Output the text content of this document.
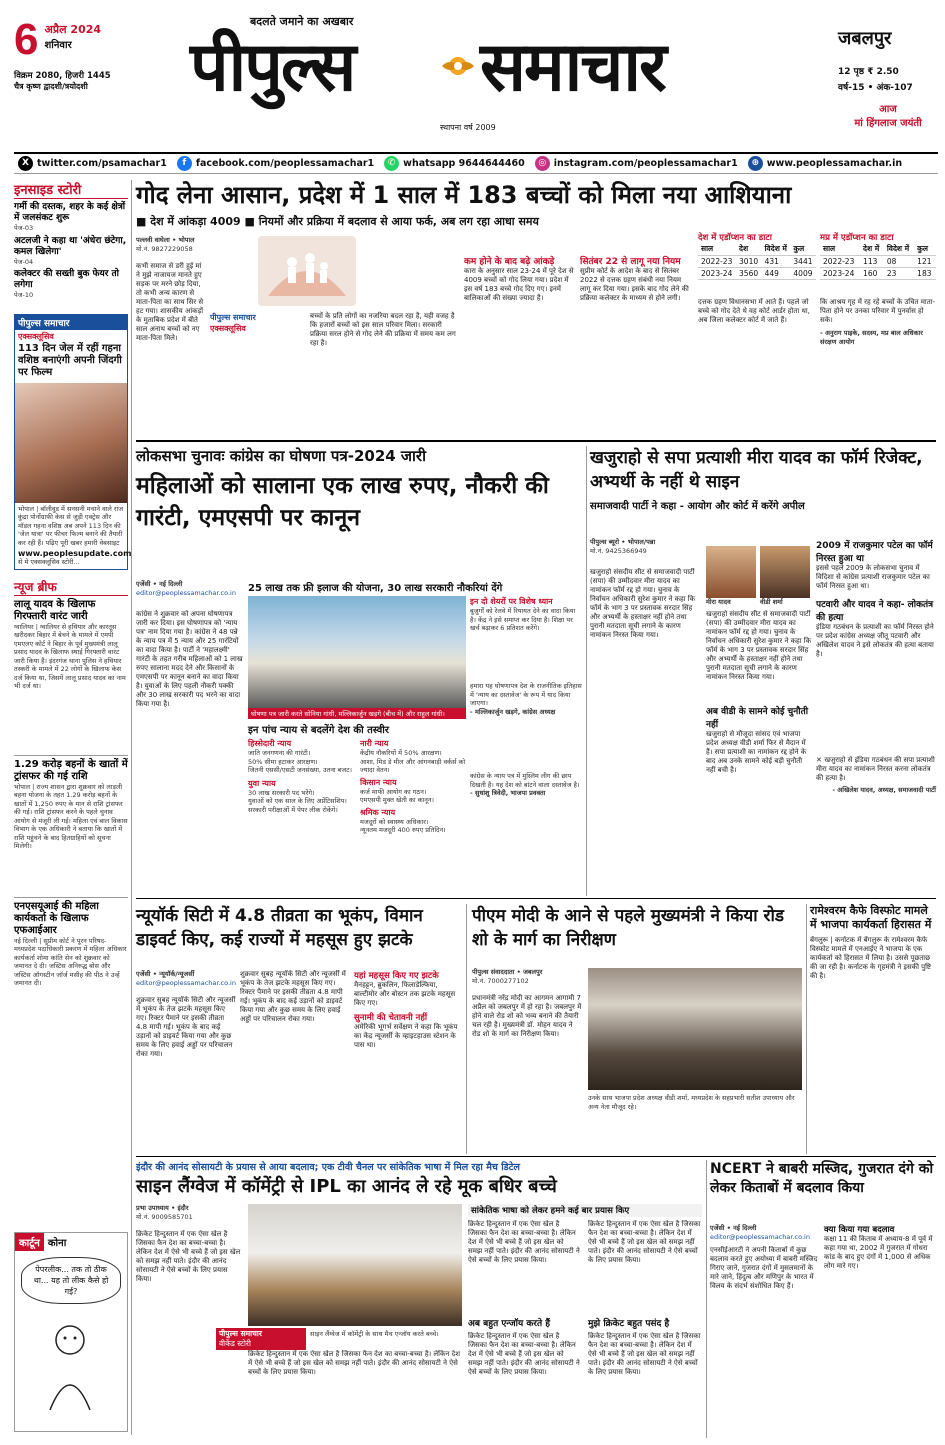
6 अप्रैल 2024
शनिवार
विक्रम 2080, हिजरी 1445
चैत्र कृष्ण द्वादशी/त्रयोदशी
बदलते जमाने का अखबार
पीपुल्स समाचार
स्थापना वर्ष 2009
जबलपुर
12 पृष्ठ ₹ 2.50
वर्ष-15 • अंक-107
आज
मां हिंगलाज जयंती
X twitter.com/psamachar1	f	facebook.com/peoplessamachar1	✆ whatsapp 9644644460	◎ instagram.com/peoplessamachar1	⊕ www.peoplessamachar.in
इनसाइड स्टोरी
गर्मी की दस्तक, शहर के कई क्षेत्रों में जलसंकट शुरू
पेज-03
अटलजी ने कहा था 'अंधेरा छंटेगा, कमल खिलेगा'
पेज-04
कलेक्टर की सख्ती बुक फेयर तो लगेगा
पेज-10
पीपुल्स समाचार
एक्सक्लूसिव
113 दिन जेल में रहीं गहना वशिष्ठ बनाएंगी अपनी जिंदगी पर फिल्म
भोपाल | बॉलीवुड में सनसनी मचाने वाले राज कुंद्रा पोर्नोग्राफी केस से जुड़ी एक्ट्रेस और मॉडल गहना वशिष्ठ अब अपने 113 दिन की 'जेल यात्रा' पर फीचर फिल्म बनाने की तैयारी कर रही हैं। पढ़िए पूरी खबर हमारी वेबसाइट
www.peoplesupdate.com
से मे एक्सक्लूसिव स्टोरी...
न्यूज ब्रीफ
लालू यादव के खिलाफ गिरफ्तारी वारंट जारी
ग्वालियर | ग्वालियर से हथियार और कारतूस खरीदकर बिहार में बेचने के मामले में एमपी एमएलए कोर्ट ने बिहार के पूर्व मुख्यमंत्री लालू प्रसाद यादव के खिलाफ स्थाई गिरफ्तारी वारंट जारी किया है। इंदरगंज थाना पुलिस ने हथियार तस्करी के मामले में 22 लोगों के खिलाफ केस दर्ज किया था, जिसमें लालू प्रसाद यादव का नाम भी दर्ज था।
1.29 करोड़ बहनों के खातों में ट्रांसफर की गई राशि
भोपाल | राज्य शासन द्वारा शुक्रवार को लाड़ली बहना योजना के तहत 1.29 करोड़ बहनों के खातों में 1,250 रुपए के मान से राशि ट्रांसफर की गई। राशि ट्रांसफर करने के पहले चुनाव आयोग से मंजूरी ली गई। महिला एवं बाल विकास विभाग के एक अधिकारी ने बताया कि खातों में राशि पहुंचने के बाद हितग्राहियों को सूचना मिलेगी।
एनएसयूआई की महिला कार्यकर्ता के खिलाफ एफआईआर
नई दिल्ली | सुप्रीम कोर्ट ने पूरन परिषद-मध्यप्रदेश पदाधिकारी प्रकरण में महिला अधिकार कार्यकर्ता शोमा कांति सेन को शुक्रवार को जमानत दे दी। जस्टिस अनिरुद्ध बोस और जस्टिस ऑगस्टीन जॉर्ज मसीह की पीठ ने उन्हें जमानत दी।
कार्टून कोना
पेपरलीक... तक तो ठीक था... यह तो लीक कैसे हो गई?
गोद लेना आसान, प्रदेश में 1 साल में 183 बच्चों को मिला नया आशियाना
■ देश में आंकड़ा 4009 ■ नियमों और प्रक्रिया में बदलाव से आया फर्क, अब लग रहा आधा समय
पल्लवी वाघेला • भोपाल
मो.नं. 9827229058
कभी समाज से डरी हुई मां ने मुझे नाजायज मानते हुए सड़क पर मरने छोड़ दिया, तो कभी अन्य कारण से माता-पिता का साथ सिर से हट गया। शासकीय आंकड़ों के मुताबिक प्रदेश में बीते साल अनाथ बच्चों को नए माता-पिता मिले।
पीपुल्स समाचार
एक्सक्लूसिव
बच्चों के प्रति लोगों का नजरिया बदल रहा है, यही वजह है कि हजारों बच्चों को इस साल परिवार मिला। सरकारी प्रक्रिया सरल होने से गोद लेने की प्रक्रिया में समय कम लग रहा है।
कम होने के बाद बढ़े आंकड़े
कारा के अनुसार साल 23-24 में पूरे देश से 4009 बच्चों को गोद लिया गया। प्रदेश में इस वर्ष 183 बच्चे गोद दिए गए। इनमें बालिकाओं की संख्या ज्यादा है।
सितंबर 22 से लागू नया नियम
सुप्रीम कोर्ट के आदेश के बाद से सितंबर 2022 से दत्तक ग्रहण संबंधी नया नियम लागू कर दिया गया। इसके बाद गोद लेने की प्रक्रिया कलेक्टर के माध्यम से होने लगी।
देश में एडॉप्शन का डाटा
साल	देश	विदेश में	कुल
2022-23	3010	431	3441
2023-24	3560	449	4009
मप्र में एडॉप्शन का डाटा
साल	देश में	विदेश में	कुल
2022-23	113	08	121
2023-24	160	23	183
दत्तक ग्रहण विधानसभा में आते हैं। पहले जो बच्चे को गोद देते थे वह कोर्ट आर्डर होता था, अब जिला कलेक्टर कोर्ट में जाते हैं।
कि आश्रय गृह में रह रहे बच्चों के उचित माता-पिता होने पर उनका परिवार में पुनर्वास हो सके।
- अनुराग पाइके, सदस्य, मप्र बाल अधिकार संरक्षण आयोग
लोकसभा चुनावः कांग्रेस का घोषणा पत्र-2024 जारी
महिलाओं को सालाना एक लाख रुपए, नौकरी की गारंटी, एमएसपी पर कानून
एजेंसी • नई दिल्ली
editor@peoplessamachar.co.in	25 लाख तक फ्री इलाज की योजना, 30 लाख सरकारी नौकरियां देंगे
कांग्रेस ने शुक्रवार को अपना घोषणापत्र जारी कर दिया। इस घोषणापत्र को 'न्याय पत्र' नाम दिया गया है। कांग्रेस ने 48 पन्ने के न्याय पत्र में 5 न्याय और 25 गारंटियों का वादा किया है। पार्टी ने 'महालक्ष्मी' गारंटी के तहत गरीब महिलाओं को 1 लाख रुपए सालाना मदद देने और किसानों के एमएसपी पर कानून बनाने का वादा किया है। युवाओं के लिए पहली नौकरी पक्की और 30 लाख सरकारी पद भरने का वादा किया गया है।
घोषणा पत्र जारी करते सोनिया गांधी, मल्लिकार्जुन खड़गे (बीच में) और राहुल गांधी।
इन दो शेयरों पर विशेष ध्यान
बुजुर्गों को रेलवे में रियायत देने का वादा किया है। केंद्र ने इसे समाप्त कर दिया है। शिक्षा पर खर्च बढ़ाकर 6 प्रतिशत करेंगे।
इन पांच न्याय से बदलेंगे देश की तस्वीर
हिस्सेदारी न्याय
जाति जनगणना की गारंटी।
50% सीमा हटाकर आरक्षण।
जितनी एससी/एसटी जनसंख्या, उतना बजट।
युवा न्याय
30 लाख सरकारी पद भरेंगे।
युवाओं को एक साल के लिए अप्रेंटिसशिप।
सरकारी परीक्षाओं में पेपर लीक रोकेंगे।
नारी न्याय
केंद्रीय नौकरियों में 50% आरक्षण।
आशा, मिड डे मील और आंगनबाड़ी वर्कर्स को ज्यादा वेतन।
किसान न्याय
कर्ज माफी आयोग का गठन।
एमएसपी मुक्त खेती का कानून।
श्रमिक न्याय
मजदूरों को स्वास्थ्य अधिकार।
न्यूनतम मजदूरी 400 रुपए प्रतिदिन।
हमारा यह घोषणापत्र देश के राजनीतिक इतिहास में 'न्याय का दस्तावेज' के रूप में याद किया जाएगा।
- मल्लिकार्जुन खड़गे, कांग्रेस अध्यक्ष
कांग्रेस के न्याय पत्र में मुस्लिम लीग की छाप दिखती है। यह देश को बांटने वाला दस्तावेज है।
- सुधांशु त्रिवेदी, भाजपा प्रवक्ता
खजुराहो से सपा प्रत्याशी मीरा यादव का फॉर्म रिजेक्ट, अभ्यर्थी के नहीं थे साइन
समाजवादी पार्टी ने कहा - आयोग और कोर्ट में करेंगे अपील
पीपुल्स ब्यूरो • भोपाल/पन्ना
मो.नं. 9425366949
खजुराहो संसदीय सीट से समाजवादी पार्टी (सपा) की उम्मीदवार मीरा यादव का नामांकन फॉर्म रद्द हो गया। चुनाव के निर्वाचन अधिकारी सुरेश कुमार ने कहा कि फॉर्म के भाग 3 पर प्रस्तावक सरदार सिंह और अभ्यर्थी के हस्ताक्षर नहीं होने तथा पुरानी मतदाता सूची लगाने के कारण नामांकन निरस्त किया गया।
मीरा यादव	वीडी शर्मा
खजुराहो संसदीय सीट से समाजवादी पार्टी (सपा) की उम्मीदवार मीरा यादव का नामांकन फॉर्म रद्द हो गया। चुनाव के निर्वाचन अधिकारी सुरेश कुमार ने कहा कि फॉर्म के भाग 3 पर प्रस्तावक सरदार सिंह और अभ्यर्थी के हस्ताक्षर नहीं होने तथा पुरानी मतदाता सूची लगाने के कारण नामांकन निरस्त किया गया।
अब वीडी के सामने कोई चुनौती नहीं
खजुराहो से मौजूदा सांसद एवं भाजपा प्रदेश अध्यक्ष वीडी शर्मा फिर से मैदान में हैं। सपा प्रत्याशी का नामांकन रद्द होने के बाद अब उनके सामने कोई बड़ी चुनौती नहीं बची है।
2009 में राजकुमार पटेल का फॉर्म निरस्त हुआ था
इससे पहले 2009 के लोकसभा चुनाव में विदिशा से कांग्रेस प्रत्याशी राजकुमार पटेल का फॉर्म निरस्त हुआ था।
पटवारी और यादव ने कहा- लोकतंत्र की हत्या
इंडिया गठबंधन के प्रत्याशी का फॉर्म निरस्त होने पर प्रदेश कांग्रेस अध्यक्ष जीतू पटवारी और अखिलेश यादव ने इसे लोकतंत्र की हत्या बताया है।
✕ खजुराहो से इंडिया गठबंधन की सपा प्रत्याशी मीरा यादव का नामांकन निरस्त करना लोकतंत्र की हत्या है।
- अखिलेश यादव, अध्यक्ष, समाजवादी पार्टी
न्यूयॉर्क सिटी में 4.8 तीव्रता का भूकंप, विमान डाइवर्ट किए, कई राज्यों में महसूस हुए झटके
एजेंसी • न्यूयॉर्क/न्यूजर्सी
editor@peoplessamachar.co.in
शुक्रवार सुबह न्यूयॉर्क सिटी और न्यूजर्सी में भूकंप के तेज झटके महसूस किए गए। रिक्टर पैमाने पर इसकी तीव्रता 4.8 मापी गई। भूकंप के बाद कई उड़ानों को डाइवर्ट किया गया और कुछ समय के लिए हवाई अड्डों पर परिचालन रोका गया।
शुक्रवार सुबह न्यूयॉर्क सिटी और न्यूजर्सी में भूकंप के तेज झटके महसूस किए गए। रिक्टर पैमाने पर इसकी तीव्रता 4.8 मापी गई। भूकंप के बाद कई उड़ानों को डाइवर्ट किया गया और कुछ समय के लिए हवाई अड्डों पर परिचालन रोका गया।
यहां महसूस किए गए झटके
मैनहट्टन, ब्रुकलिन, फिलाडेल्फिया, बाल्टीमोर और बोस्टन तक झटके महसूस किए गए।
सुनामी की चेतावनी नहीं
अमेरिकी भूगर्भ सर्वेक्षण ने कहा कि भूकंप का केंद्र न्यूजर्सी के व्हाइटहाउस स्टेशन के पास था।
पीएम मोदी के आने से पहले मुख्यमंत्री ने किया रोड शो के मार्ग का निरीक्षण
पीपुल्स संवाददाता • जबलपुर
मो.नं. 7000277102
प्रधानमंत्री नरेंद्र मोदी का आगमन आगामी 7 अप्रैल को जबलपुर में हो रहा है। जबलपुर में होने वाले रोड शो को भव्य बनाने की तैयारी चल रही है। मुख्यमंत्री डॉ. मोहन यादव ने रोड शो के मार्ग का निरीक्षण किया।
उनके साथ भाजपा प्रदेश अध्यक्ष वीडी शर्मा, मध्यप्रदेश के सहप्रभारी सतीश उपाध्याय और अन्य नेता मौजूद रहे।
रामेश्वरम कैफे विस्फोट मामले में भाजपा कार्यकर्ता हिरासत में
बेंगलुरू | कर्नाटक में बेंगलुरू के रामेश्वरम कैफे विस्फोट मामले में एनआईए ने भाजपा के एक कार्यकर्ता को हिरासत में लिया है। उससे पूछताछ की जा रही है। कर्नाटक के गृहमंत्री ने इसकी पुष्टि की है।
इंदौर की आनंद सोसायटी के प्रयास से आया बदलाव; एक टीवी चैनल पर सांकेतिक भाषा में मिल रहा मैच डिटेल
साइन लैंग्वेज में कॉमेंट्री से IPL का आनंद ले रहे मूक बधिर बच्चे
प्रभा उपाध्याय • इंदौर
मो.नं. 9009585701
पीपुल्स समाचार
वीकेंड स्टोरी
साइन लैंग्वेज में कॉमेंट्री के साथ मैच एन्जॉय करते बच्चे।
क्रिकेट हिन्दुस्तान में एक ऐसा खेल है जिसका फैन देश का बच्चा-बच्चा है। लेकिन देश में ऐसे भी बच्चे हैं जो इस खेल को समझ नहीं पाते। इंदौर की आनंद सोसायटी ने ऐसे बच्चों के लिए प्रयास किया।
क्रिकेट हिन्दुस्तान में एक ऐसा खेल है जिसका फैन देश का बच्चा-बच्चा है। लेकिन देश में ऐसे भी बच्चे हैं जो इस खेल को समझ नहीं पाते। इंदौर की आनंद सोसायटी ने ऐसे बच्चों के लिए प्रयास किया।
सांकेतिक भाषा को लेकर हमने कई बार प्रयास किए
क्रिकेट हिन्दुस्तान में एक ऐसा खेल है जिसका फैन देश का बच्चा-बच्चा है। लेकिन देश में ऐसे भी बच्चे हैं जो इस खेल को समझ नहीं पाते। इंदौर की आनंद सोसायटी ने ऐसे बच्चों के लिए प्रयास किया।
क्रिकेट हिन्दुस्तान में एक ऐसा खेल है जिसका फैन देश का बच्चा-बच्चा है। लेकिन देश में ऐसे भी बच्चे हैं जो इस खेल को समझ नहीं पाते। इंदौर की आनंद सोसायटी ने ऐसे बच्चों के लिए प्रयास किया।
अब बहुत एन्जॉय करते हैं	मुझे क्रिकेट बहुत पसंद है
क्रिकेट हिन्दुस्तान में एक ऐसा खेल है जिसका फैन देश का बच्चा-बच्चा है। लेकिन देश में ऐसे भी बच्चे हैं जो इस खेल को समझ नहीं पाते। इंदौर की आनंद सोसायटी ने ऐसे बच्चों के लिए प्रयास किया।
क्रिकेट हिन्दुस्तान में एक ऐसा खेल है जिसका फैन देश का बच्चा-बच्चा है। लेकिन देश में ऐसे भी बच्चे हैं जो इस खेल को समझ नहीं पाते। इंदौर की आनंद सोसायटी ने ऐसे बच्चों के लिए प्रयास किया।
NCERT ने बाबरी मस्जिद, गुजरात दंगे को लेकर किताबों में बदलाव किया
एजेंसी • नई दिल्ली
editor@peoplessamachar.co.in
एनसीईआरटी ने अपनी किताबों में कुछ बदलाव करते हुए अयोध्या में बाबरी मस्जिद गिराए जाने, गुजरात दंगों में मुसलमानों के मारे जाने, हिंदुत्व और मणिपुर के भारत में विलय के संदर्भ संशोधित किए हैं।
क्या किया गया बदलाव
कक्षा 11 की किताब में अध्याय-8 में पूर्व में कहा गया था, 2002 में गुजरात में गोधरा कांड के बाद हुए दंगों में 1,000 से अधिक लोग मारे गए।
